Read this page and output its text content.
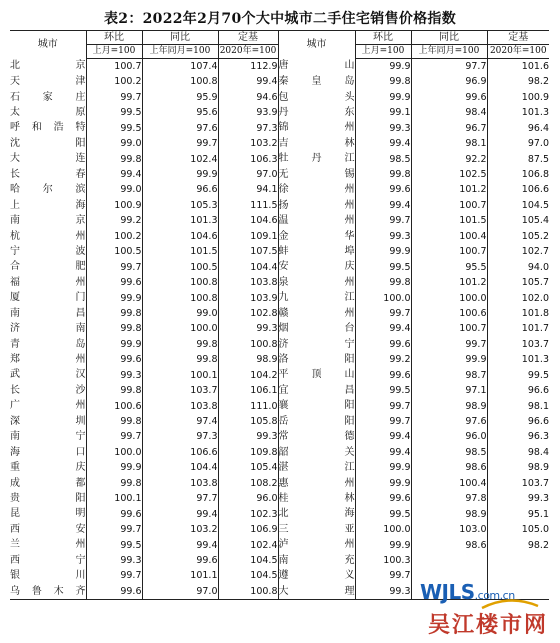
表2：2022年2月70个大中城市二手住宅销售价格指数
城市	环比	同比	定基	城市	环比	同比	定基
	上月=100	上年同月=100	2020年=100		上月=100	上年同月=100	2020年=100
北　京	100.7	107.4	112.9	唐　山	99.9	97.7	101.6
天　津	100.2	100.8	99.4	秦皇岛	99.8	96.9	98.2
石家庄	99.7	95.9	94.6	包　头	99.9	99.6	100.9
太　原	99.5	95.6	93.9	丹　东	99.1	98.4	101.3
呼和浩特	99.5	97.6	97.3	锦　州	99.3	96.7	96.4
沈　阳	99.0	99.7	103.2	吉　林	99.4	98.1	97.0
大　连	99.8	102.4	106.3	牡丹江	98.5	92.2	87.5
长　春	99.4	99.9	97.0	无　锡	99.8	102.5	106.8
哈尔滨	99.0	96.6	94.1	徐　州	99.6	101.2	106.6
上　海	100.9	105.3	111.5	扬　州	99.4	100.7	104.5
南　京	99.2	101.3	104.6	温　州	99.7	101.5	105.4
杭　州	100.2	104.6	109.1	金　华	99.3	100.4	105.2
宁　波	100.5	101.5	107.5	蚌　埠	99.9	100.7	102.7
合　肥	99.7	100.5	104.4	安　庆	99.5	95.5	94.0
福　州	99.6	100.8	103.8	泉　州	99.8	101.2	105.7
厦　门	99.9	100.8	103.9	九　江	100.0	100.0	102.0
南　昌	99.8	99.0	102.8	赣　州	99.7	100.6	101.8
济　南	99.8	100.0	99.3	烟　台	99.4	100.7	101.7
青　岛	99.9	99.8	100.8	济　宁	99.6	99.7	103.7
郑　州	99.6	99.8	98.9	洛　阳	99.2	99.9	101.3
武　汉	99.3	100.1	104.2	平顶山	99.6	98.7	99.5
长　沙	99.8	103.7	106.1	宜　昌	99.5	97.1	96.6
广　州	100.6	103.8	111.0	襄　阳	99.7	98.9	98.1
深　圳	99.8	97.4	105.8	岳　阳	99.7	97.6	96.6
南　宁	99.7	97.3	99.3	常　德	99.4	96.0	96.3
海　口	100.0	106.6	109.8	韶　关	99.4	98.5	98.4
重　庆	99.9	104.4	105.4	湛　江	99.9	98.6	98.9
成　都	99.8	103.8	108.2	惠　州	99.9	100.4	103.7
贵　阳	100.1	97.7	96.0	桂　林	99.6	97.8	99.3
昆　明	99.6	99.4	102.3	北　海	99.5	98.9	95.1
西　安	99.7	103.2	106.9	三　亚	100.0	103.0	105.0
兰　州	99.5	99.4	102.4	泸　州	99.9	98.6	98.2
西　宁	99.3	99.6	104.5	南　充	100.3		
银　川	99.7	101.1	104.5	遵　义	99.7		
乌鲁木齐	99.6	97.0	100.8	大　理	99.3		WJLS.com.cn
吴江楼市网
